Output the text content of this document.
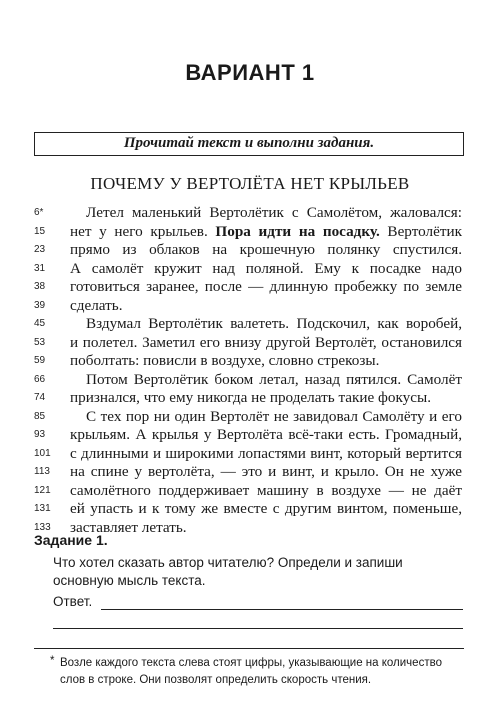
ВАРИАНТ 1
Прочитай текст и выполни задания.
ПОЧЕМУ У ВЕРТОЛЁТА НЕТ КРЫЛЬЕВ
6*
15
23
31
38
39
45
53
59
66
74
85
93
101
113
121
131
133
Летел маленький Вертолётик с Самолётом, жаловался:
нет у него крыльев. Пора идти на посадку. Вертолётик
прямо из облаков на крошечную полянку спустился.
А самолёт кружит над поляной. Ему к посадке надо
готовиться заранее, после — длинную пробежку по земле
сделать.
Вздумал Вертолётик валететь. Подскочил, как воробей,
и полетел. Заметил его внизу другой Вертолёт, остановился
поболтать: повисли в воздухе, словно стрекозы.
Потом Вертолётик боком летал, назад пятился. Самолёт
признался, что ему никогда не проделать такие фокусы.
С тех пор ни один Вертолёт не завидовал Самолёту и его
крыльям. А крылья у Вертолёта всё-таки есть. Громадный,
с длинными и широкими лопастями винт, который вертится
на спине у вертолёта, — это и винт, и крыло. Он не хуже
самолётного поддерживает машину в воздухе — не даёт
ей упасть и к тому же вместе с другим винтом, поменьше,
заставляет летать.
Задание 1.
Что хотел сказать автор читателю? Определи и запиши основную мысль текста.
Ответ.
* Возле каждого текста слева стоят цифры, указывающие на количество слов в строке. Они позволят определить скорость чтения.
